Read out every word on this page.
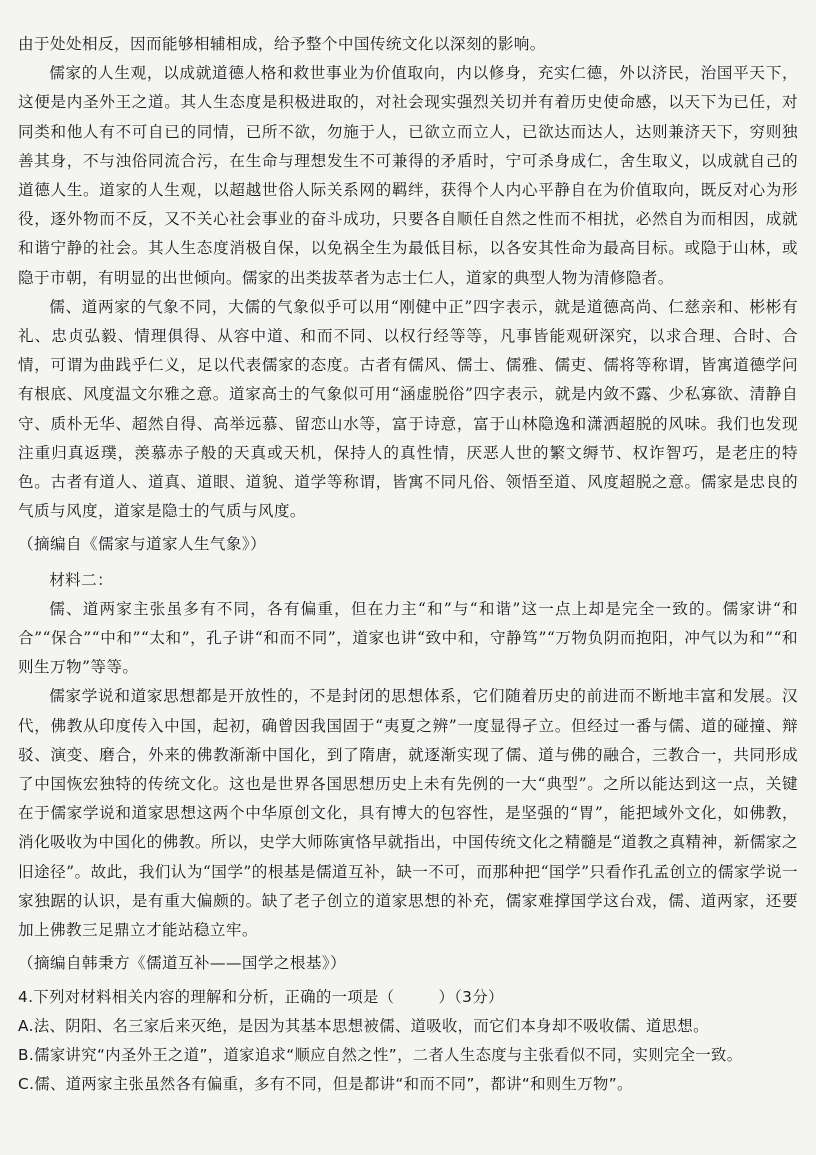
由于处处相反，因而能够相辅相成，给予整个中国传统文化以深刻的影响。

儒家的人生观，以成就道德人格和救世事业为价值取向，内以修身，充实仁德，外以济民，治国平天下，这便是内圣外王之道。其人生态度是积极进取的，对社会现实强烈关切并有着历史使命感，以天下为已任，对同类和他人有不可自已的同情，已所不欲，勿施于人，已欲立而立人，已欲达而达人，达则兼济天下，穷则独善其身，不与浊俗同流合污，在生命与理想发生不可兼得的矛盾时，宁可杀身成仁，舍生取义，以成就自己的道德人生。道家的人生观，以超越世俗人际关系网的羁绊，获得个人内心平静自在为价值取向，既反对心为形役，逐外物而不反，又不关心社会事业的奋斗成功，只要各自顺任自然之性而不相扰，必然自为而相因，成就和谐宁静的社会。其人生态度消极自保，以免祸全生为最低目标，以各安其性命为最高目标。或隐于山林，或隐于市朝，有明显的出世倾向。儒家的出类拔萃者为志士仁人，道家的典型人物为清修隐者。

儒、道两家的气象不同，大儒的气象似乎可以用“刚健中正”四字表示，就是道德高尚、仁慈亲和、彬彬有礼、忠贞弘毅、情理俱得、从容中道、和而不同、以权行经等等，凡事皆能观研深究，以求合理、合时、合情，可谓为曲践乎仁义，足以代表儒家的态度。古者有儒风、儒士、儒雅、儒吏、儒将等称谓，皆寓道德学问有根底、风度温文尔雅之意。道家高士的气象似可用“涵虚脱俗”四字表示，就是内敛不露、少私寡欲、清静自守、质朴无华、超然自得、高举远慕、留恋山水等，富于诗意，富于山林隐逸和潇洒超脱的风味。我们也发现注重归真返璞，羡慕赤子般的天真或天机，保持人的真性情，厌恶人世的繁文缛节、权诈智巧，是老庄的特色。古者有道人、道真、道眼、道貌、道学等称谓，皆寓不同凡俗、领悟至道、风度超脱之意。儒家是忠良的气质与风度，道家是隐士的气质与风度。

（摘编自《儒家与道家人生气象》）

材料二：

儒、道两家主张虽多有不同，各有偏重，但在力主“和”与“和谐”这一点上却是完全一致的。儒家讲“和合”“保合”“中和”“太和”，孔子讲“和而不同”，道家也讲“致中和，守静笃”“万物负阴而抱阳，冲气以为和”“和则生万物”等等。

儒家学说和道家思想都是开放性的，不是封闭的思想体系，它们随着历史的前进而不断地丰富和发展。汉代，佛教从印度传入中国，起初，确曾因我国固于“夷夏之辨”一度显得孑立。但经过一番与儒、道的碰撞、辩驳、演变、磨合，外来的佛教渐渐中国化，到了隋唐，就逐渐实现了儒、道与佛的融合，三教合一，共同形成了中国恢宏独特的传统文化。这也是世界各国思想历史上未有先例的一大“典型”。之所以能达到这一点，关键在于儒家学说和道家思想这两个中华原创文化，具有博大的包容性，是坚强的“胃”，能把域外文化，如佛教，消化吸收为中国化的佛教。所以，史学大师陈寅恪早就指出，中国传统文化之精髓是“道教之真精神，新儒家之旧途径”。故此，我们认为“国学”的根基是儒道互补，缺一不可，而那种把“国学”只看作孔孟创立的儒家学说一家独踞的认识，是有重大偏颇的。缺了老子创立的道家思想的补充，儒家难撑国学这台戏，儒、道两家，还要加上佛教三足鼎立才能站稳立牢。

（摘编自韩秉方《儒道互补——国学之根基》）

4.下列对材料相关内容的理解和分析，正确的一项是（	）（3分）

A.法、阴阳、名三家后来灭绝，是因为其基本思想被儒、道吸收，而它们本身却不吸收儒、道思想。

B.儒家讲究“内圣外王之道”，道家追求“顺应自然之性”，二者人生态度与主张看似不同，实则完全一致。

C.儒、道两家主张虽然各有偏重，多有不同，但是都讲“和而不同”，都讲“和则生万物”。
